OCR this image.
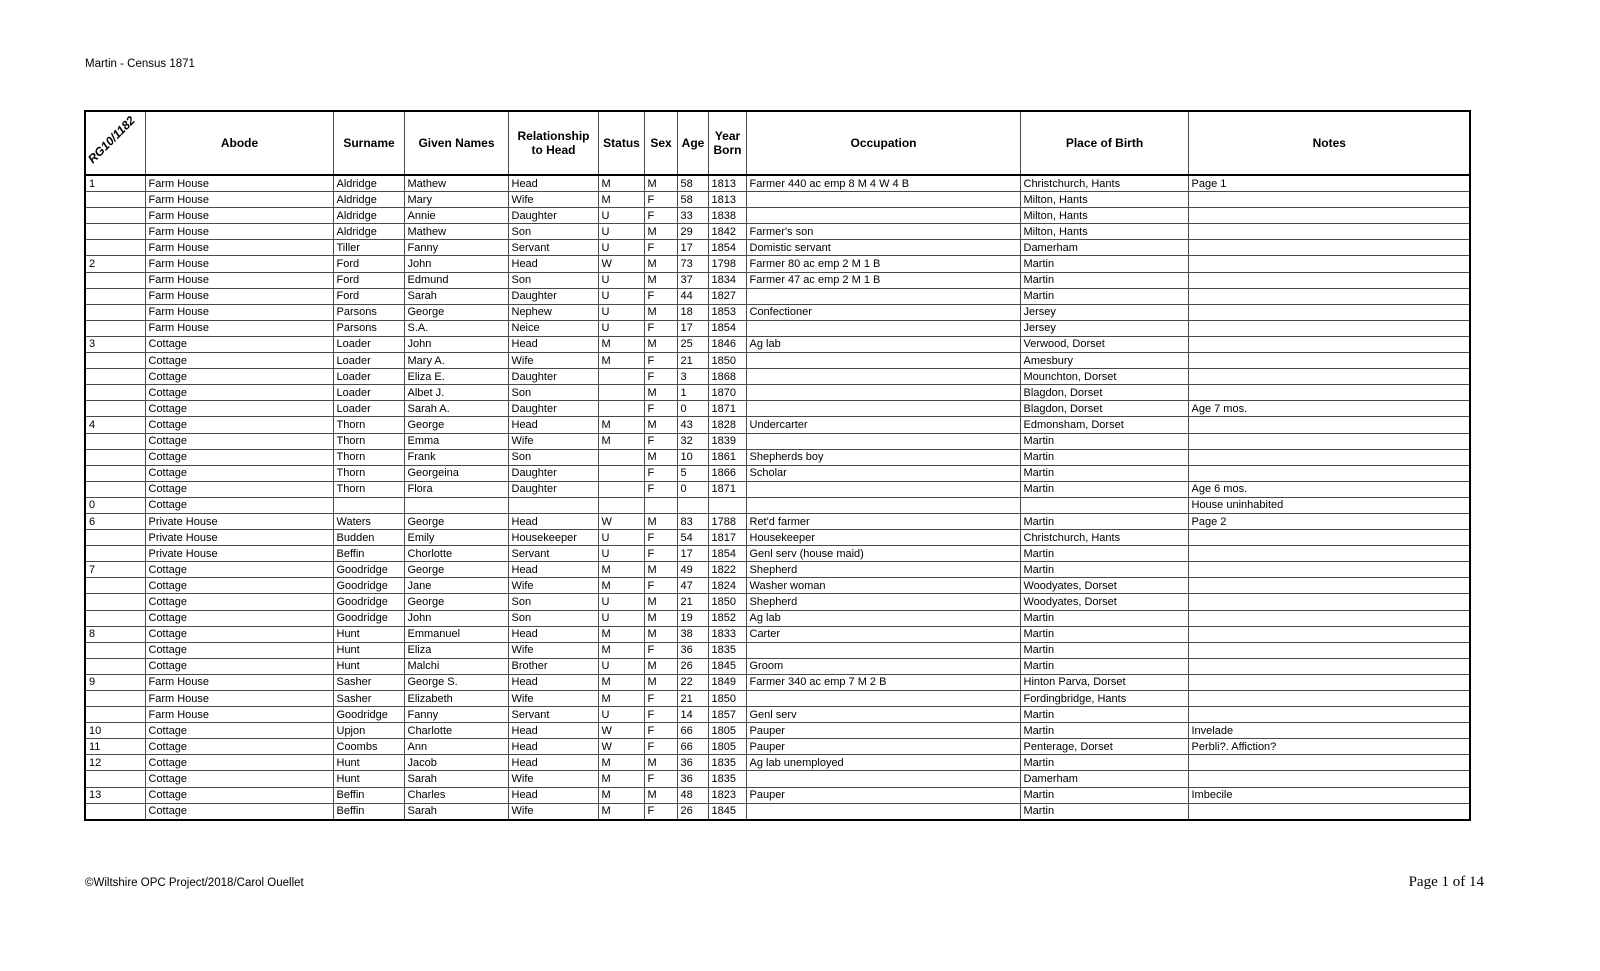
Martin - Census 1871
RG10/1182	Abode	Surname	Given Names	Relationship to Head	Status	Sex	Age	Year Born	Occupation	Place of Birth	Notes
1	Farm House	Aldridge	Mathew	Head	M	M	58	1813	Farmer 440 ac emp 8 M 4 W 4 B	Christchurch, Hants	Page 1
	Farm House	Aldridge	Mary	Wife	M	F	58	1813		Milton, Hants	
	Farm House	Aldridge	Annie	Daughter	U	F	33	1838		Milton, Hants	
	Farm House	Aldridge	Mathew	Son	U	M	29	1842	Farmer's son	Milton, Hants	
	Farm House	Tiller	Fanny	Servant	U	F	17	1854	Domistic servant	Damerham	
2	Farm House	Ford	John	Head	W	M	73	1798	Farmer 80 ac emp 2 M 1 B	Martin	
	Farm House	Ford	Edmund	Son	U	M	37	1834	Farmer 47 ac emp 2 M 1 B	Martin	
	Farm House	Ford	Sarah	Daughter	U	F	44	1827		Martin	
	Farm House	Parsons	George	Nephew	U	M	18	1853	Confectioner	Jersey	
	Farm House	Parsons	S.A.	Neice	U	F	17	1854		Jersey	
3	Cottage	Loader	John	Head	M	M	25	1846	Ag lab	Verwood, Dorset	
	Cottage	Loader	Mary A.	Wife	M	F	21	1850		Amesbury	
	Cottage	Loader	Eliza E.	Daughter		F	3	1868		Mounchton, Dorset	
	Cottage	Loader	Albet J.	Son		M	1	1870		Blagdon, Dorset	
	Cottage	Loader	Sarah A.	Daughter		F	0	1871		Blagdon, Dorset	Age 7 mos.
4	Cottage	Thorn	George	Head	M	M	43	1828	Undercarter	Edmonsham, Dorset	
	Cottage	Thorn	Emma	Wife	M	F	32	1839		Martin	
	Cottage	Thorn	Frank	Son		M	10	1861	Shepherds boy	Martin	
	Cottage	Thorn	Georgeina	Daughter		F	5	1866	Scholar	Martin	
	Cottage	Thorn	Flora	Daughter		F	0	1871		Martin	Age 6 mos.
0	Cottage										House uninhabited
6	Private House	Waters	George	Head	W	M	83	1788	Ret'd farmer	Martin	Page 2
	Private House	Budden	Emily	Housekeeper	U	F	54	1817	Housekeeper	Christchurch, Hants	
	Private House	Beffin	Chorlotte	Servant	U	F	17	1854	Genl serv (house maid)	Martin	
7	Cottage	Goodridge	George	Head	M	M	49	1822	Shepherd	Martin	
	Cottage	Goodridge	Jane	Wife	M	F	47	1824	Washer woman	Woodyates, Dorset	
	Cottage	Goodridge	George	Son	U	M	21	1850	Shepherd	Woodyates, Dorset	
	Cottage	Goodridge	John	Son	U	M	19	1852	Ag lab	Martin	
8	Cottage	Hunt	Emmanuel	Head	M	M	38	1833	Carter	Martin	
	Cottage	Hunt	Eliza	Wife	M	F	36	1835		Martin	
	Cottage	Hunt	Malchi	Brother	U	M	26	1845	Groom	Martin	
9	Farm House	Sasher	George S.	Head	M	M	22	1849	Farmer 340 ac emp 7 M 2 B	Hinton Parva, Dorset	
	Farm House	Sasher	Elizabeth	Wife	M	F	21	1850		Fordingbridge, Hants	
	Farm House	Goodridge	Fanny	Servant	U	F	14	1857	Genl serv	Martin	
10	Cottage	Upjon	Charlotte	Head	W	F	66	1805	Pauper	Martin	Invelade
11	Cottage	Coombs	Ann	Head	W	F	66	1805	Pauper	Penterage, Dorset	Perbli?. Affiction?
12	Cottage	Hunt	Jacob	Head	M	M	36	1835	Ag lab unemployed	Martin	
	Cottage	Hunt	Sarah	Wife	M	F	36	1835		Damerham	
13	Cottage	Beffin	Charles	Head	M	M	48	1823	Pauper	Martin	Imbecile
	Cottage	Beffin	Sarah	Wife	M	F	26	1845		Martin	
©Wiltshire OPC Project/2018/Carol Ouellet	Page 1 of 14
